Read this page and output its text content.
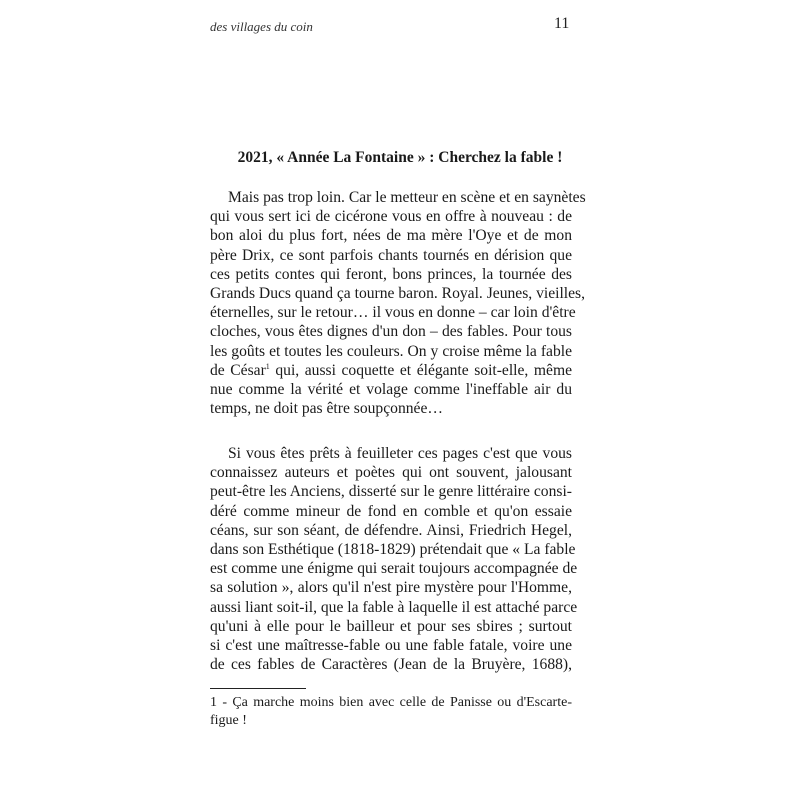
des villages du coin	11
2021, « Année La Fontaine » : Cherchez la fable !
Mais pas trop loin. Car le metteur en scène et en saynètes
qui vous sert ici de cicérone vous en offre à nouveau : de
bon aloi du plus fort, nées de ma mère l'Oye et de mon
père Drix, ce sont parfois chants tournés en dérision que
ces petits contes qui feront, bons princes, la tournée des
Grands Ducs quand ça tourne baron. Royal. Jeunes, vieilles,
éternelles, sur le retour… il vous en donne – car loin d'être
cloches, vous êtes dignes d'un don – des fables. Pour tous
les goûts et toutes les couleurs. On y croise même la fable
de César$^1$ qui, aussi coquette et élégante soit-elle, même
nue comme la vérité et volage comme l'ineffable air du
temps, ne doit pas être soupçonnée…
Si vous êtes prêts à feuilleter ces pages c'est que vous
connaissez auteurs et poètes qui ont souvent, jalousant
peut-être les Anciens, disserté sur le genre littéraire consi-
déré comme mineur de fond en comble et qu'on essaie
céans, sur son séant, de défendre. Ainsi, Friedrich Hegel,
dans son Esthétique (1818-1829) prétendait que « La fable
est comme une énigme qui serait toujours accompagnée de
sa solution », alors qu'il n'est pire mystère pour l'Homme,
aussi liant soit-il, que la fable à laquelle il est attaché parce
qu'uni à elle pour le bailleur et pour ses sbires ; surtout
si c'est une maîtresse-fable ou une fable fatale, voire une
de ces fables de Caractères (Jean de la Bruyère, 1688),
1 - Ça marche moins bien avec celle de Panisse ou d'Escarte-
figue !
